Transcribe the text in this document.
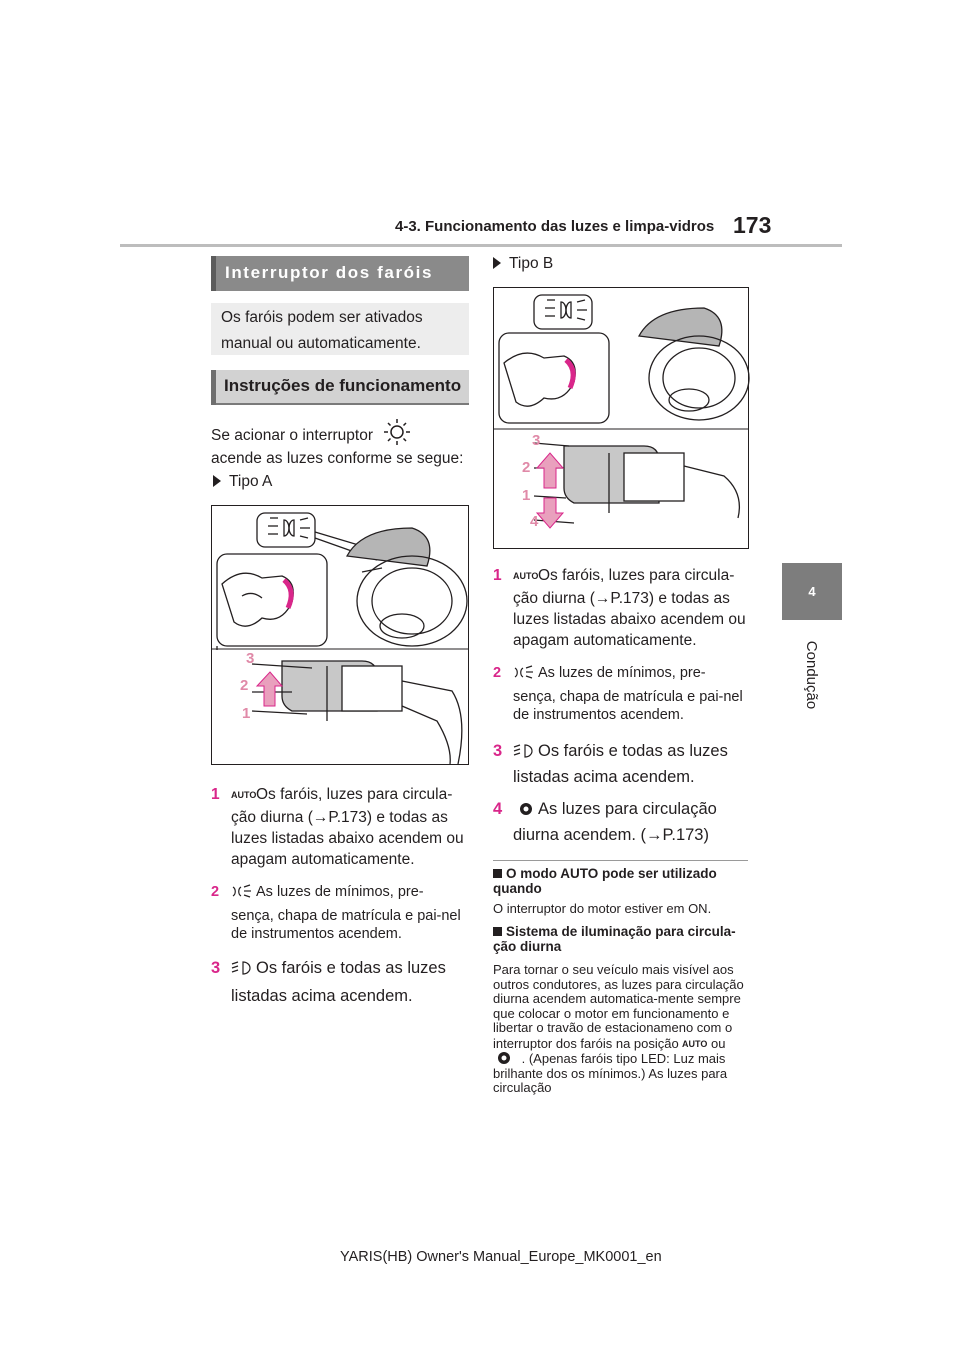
4-3. Funcionamento das luzes e limpa-vidros 173
4
Condução
Interruptor dos faróis
Os faróis podem ser ativados
manual ou automaticamente.
Instruções de funcionamento
Se acionar o interruptor
acende as luzes conforme se segue:
Tipo A
3
2
1
1 AUTO Os faróis, luzes para circula-
ção diurna (→P.173) e todas as luzes listadas abaixo acendem ou apagam automaticamente.
2	As luzes de mínimos, pre-
sença, chapa de matrícula e pai-nel de instrumentos acendem.
3	Os faróis e todas as luzes
listadas acima acendem.
Tipo B
3
2
1
4
1 AUTO Os faróis, luzes para circula-
ção diurna (→P.173) e todas as luzes listadas abaixo acendem ou apagam automaticamente.
2	As luzes de mínimos, pre-
sença, chapa de matrícula e pai-nel de instrumentos acendem.
3	Os faróis e todas as luzes
listadas acima acendem.
4	As luzes para circulação
diurna acendem. (→P.173)
O modo AUTO pode ser utilizado quando
O interruptor do motor estiver em ON.
Sistema de iluminação para circula-ção diurna
Para tornar o seu veículo mais visível aos outros condutores, as luzes para circulação diurna acendem automatica-mente sempre que colocar o motor em funcionamento e libertar o travão de estacionameno com o interruptor dos faróis na posição AUTO ou  . (Apenas faróis tipo LED: Luz mais brilhante dos os mínimos.) As luzes para circulação
YARIS(HB) Owner's Manual_Europe_MK0001_en
